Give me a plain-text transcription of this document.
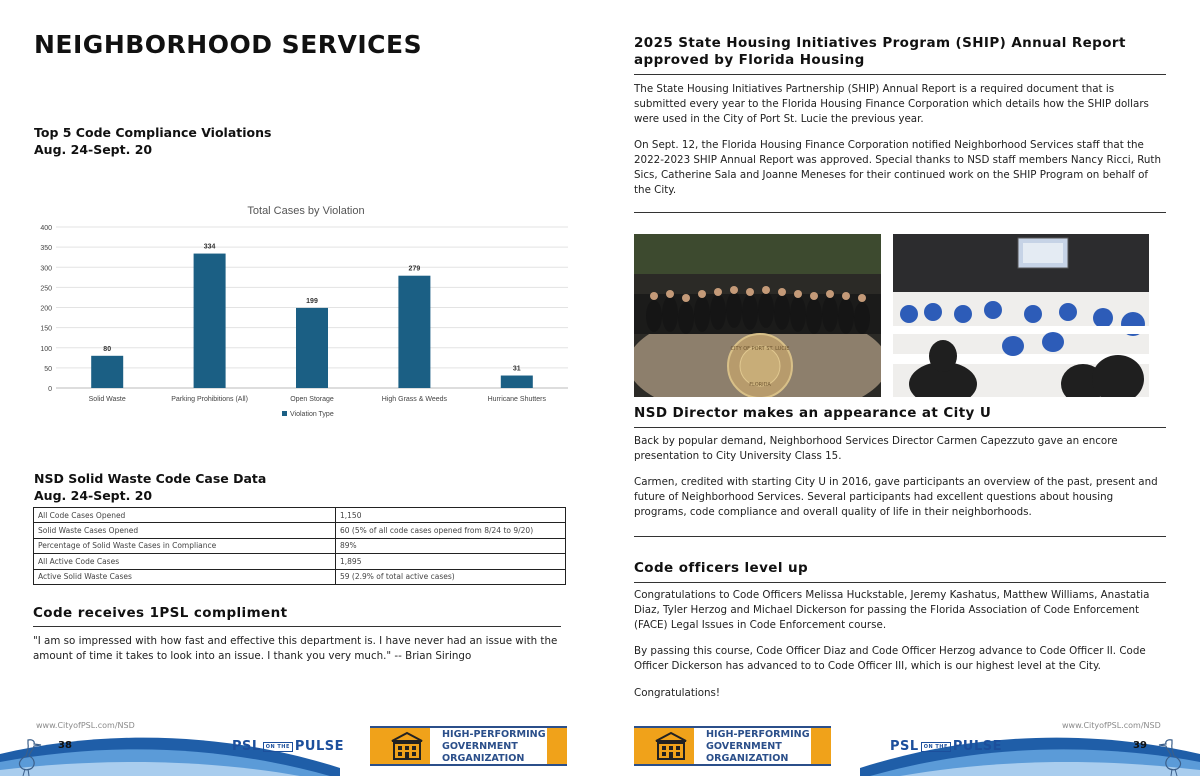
NEIGHBORHOOD SERVICES
Top 5 Code Compliance Violations
Aug. 24-Sept. 20
Total Cases by Violation
0
50
100
150
200
250
300
350
400
80
Solid Waste
334
Parking Prohibitions (All)
199
Open Storage
279
High Grass & Weeds
31
Hurricane Shutters
Violation Type
NSD Solid Waste Code Case Data
Aug. 24-Sept. 20
All Code Cases Opened	1,150
Solid Waste Cases Opened	60 (5% of all code cases opened from 8/24 to 9/20)
Percentage of Solid Waste Cases in Compliance	89%
All Active Code Cases	1,895
Active Solid Waste Cases	59 (2.9% of total active cases)
Code receives 1PSL compliment
"I am so impressed with how fast and effective this department is. I have never had an issue with the amount of time it takes to look into an issue. I thank you very much." -- Brian Siringo
www.CityofPSL.com/NSD
38	PSL ON THE PULSE
HIGH-PERFORMING
GOVERNMENT
ORGANIZATION
2025 State Housing Initiatives Program (SHIP) Annual Report
approved by Florida Housing
The State Housing Initiatives Partnership (SHIP) Annual Report is a required document that is submitted every year to the Florida Housing Finance Corporation which details how the SHIP dollars were used in the City of Port St. Lucie the previous year.
On Sept. 12, the Florida Housing Finance Corporation notified Neighborhood Services staff that the 2022-2023 SHIP Annual Report was approved. Special thanks to NSD staff members Nancy Ricci, Ruth Sics, Catherine Sala and Joanne Meneses for their continued work on the SHIP Program on behalf of the City.
CITY OF PORT ST. LUCIE
FLORIDA
NSD Director makes an appearance at City U
Back by popular demand, Neighborhood Services Director Carmen Capezzuto gave an encore presentation to City University Class 15.
Carmen, credited with starting City U in 2016, gave participants an overview of the past, present and future of Neighborhood Services. Several participants had excellent questions about housing programs, code compliance and overall quality of life in their neighborhoods.
Code officers level up
Congratulations to Code Officers Melissa Huckstable, Jeremy Kashatus, Matthew Williams, Anastatia Diaz, Tyler Herzog and Michael Dickerson for passing the Florida Association of Code Enforcement (FACE) Legal Issues in Code Enforcement course.
By passing this course, Code Officer Diaz and Code Officer Herzog advance to Code Officer II. Code Officer Dickerson has advanced to to Code Officer III, which is our highest level at the City.
Congratulations!
www.CityofPSL.com/NSD
39
PSL ON THE PULSE
HIGH-PERFORMING
GOVERNMENT
ORGANIZATION
